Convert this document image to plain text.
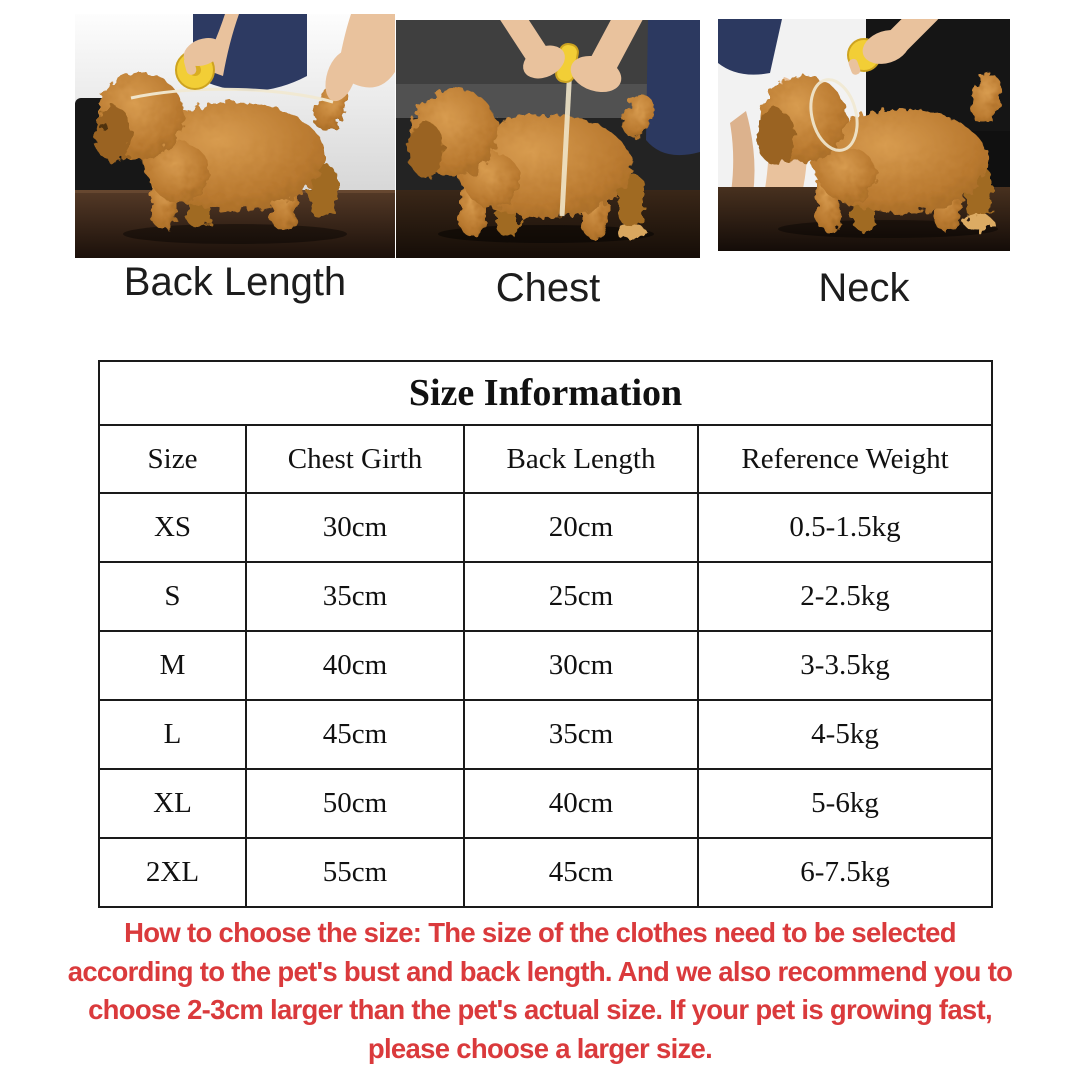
Back Length	Chest	Neck
Size Information			
Size	Chest Girth	Back Length	Reference Weight
XS	30cm	20cm	0.5-1.5kg
S	35cm	25cm	2-2.5kg
M	40cm	30cm	3-3.5kg
L	45cm	35cm	4-5kg
XL	50cm	40cm	5-6kg
2XL	55cm	45cm	6-7.5kg
How to choose the size: The size of the clothes need to be selected
according to the pet's bust and back length. And we also recommend you to
choose 2-3cm larger than the pet's actual size. If your pet is growing fast,
please choose a larger size.
